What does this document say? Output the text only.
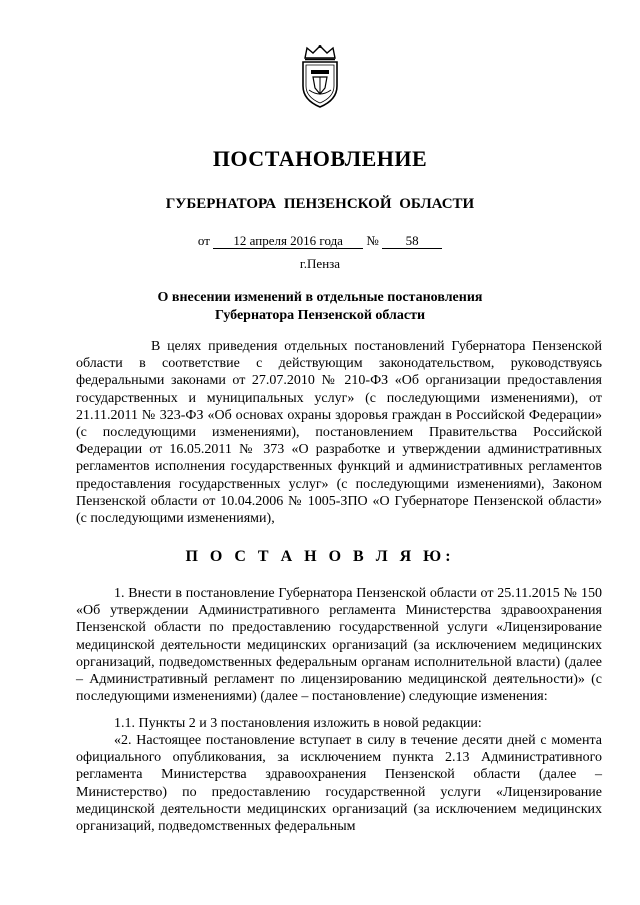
ПОСТАНОВЛЕНИЕ
ГУБЕРНАТОРА ПЕНЗЕНСКОЙ ОБЛАСТИ
от 12 апреля 2016 года № 58
г.Пенза
О внесении изменений в отдельные постановления
Губернатора Пензенской области
В целях приведения отдельных постановлений Губернатора Пензенской области в соответствие с действующим законодательством, руководствуясь федеральными законами от 27.07.2010 № 210-ФЗ «Об организации предоставления государственных и муниципальных услуг» (с последующими изменениями), от 21.11.2011 № 323-ФЗ «Об основах охраны здоровья граждан в Российской Федерации» (с последующими изменениями), постановлением Правительства Российской Федерации от 16.05.2011 № 373 «О разработке и утверждении административных регламентов исполнения государственных функций и административных регламентов предоставления государственных услуг» (с последующими изменениями), Законом Пензенской области от 10.04.2006 № 1005-ЗПО «О Губернаторе Пензенской области» (с последующими изменениями),
П О С Т А Н О В Л Я Ю:
1. Внести в постановление Губернатора Пензенской области от 25.11.2015 № 150 «Об утверждении Административного регламента Министерства здравоохранения Пензенской области по предоставлению государственной услуги «Лицензирование медицинской деятельности медицинских организаций (за исключением медицинских организаций, подведомственных федеральным органам исполнительной власти) (далее – Административный регламент по лицензированию медицинской деятельности)» (с последующими изменениями) (далее – постановление) следующие изменения:
1.1. Пункты 2 и 3 постановления изложить в новой редакции:
«2. Настоящее постановление вступает в силу в течение десяти дней с момента официального опубликования, за исключением пункта 2.13 Административного регламента Министерства здравоохранения Пензенской области (далее – Министерство) по предоставлению государственной услуги «Лицензирование медицинской деятельности медицинских организаций (за исключением медицинских организаций, подведомственных федеральным
